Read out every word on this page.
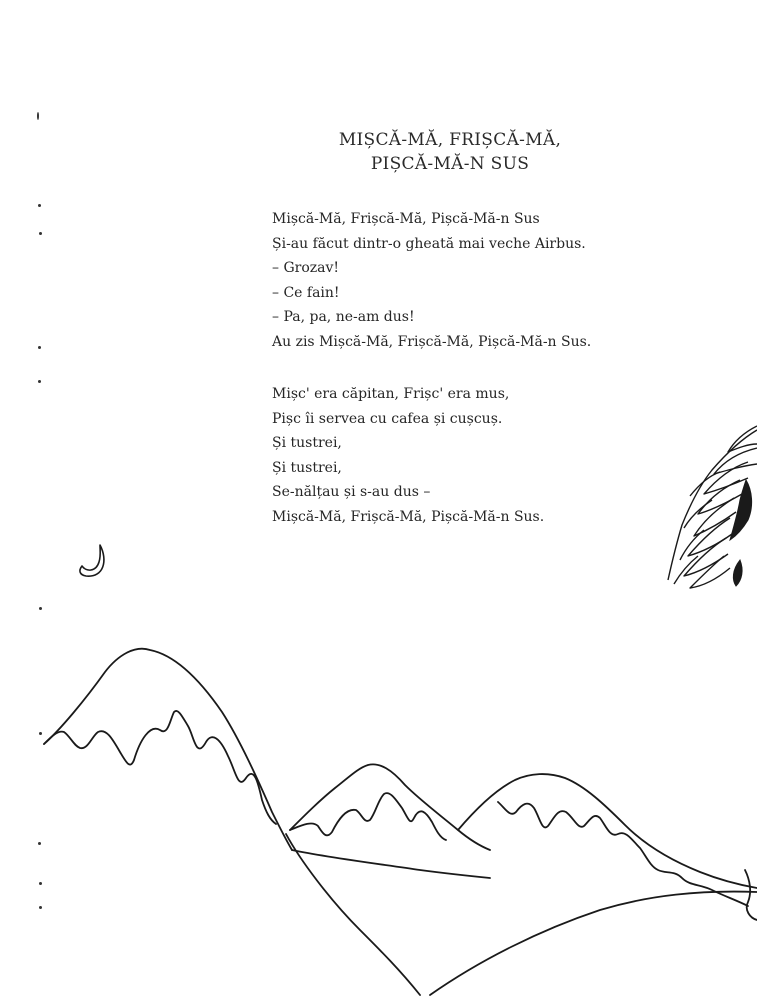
MIȘCĂ-MĂ, FRIȘCĂ-MĂ,
PIȘCĂ-MĂ-N SUS
Mișcă-Mă, Frișcă-Mă, Pișcă-Mă-n Sus
Și-au făcut dintr-o gheată mai veche Airbus.
– Grozav!
– Ce fain!
– Pa, pa, ne-am dus!
Au zis Mișcă-Mă, Frișcă-Mă, Pișcă-Mă-n Sus.
Mișc' era căpitan, Frișc' era mus,
Pișc îi servea cu cafea și cușcuș.
Și tustrei,
Și tustrei,
Se-nălțau și s-au dus –
Mișcă-Mă, Frișcă-Mă, Pișcă-Mă-n Sus.
